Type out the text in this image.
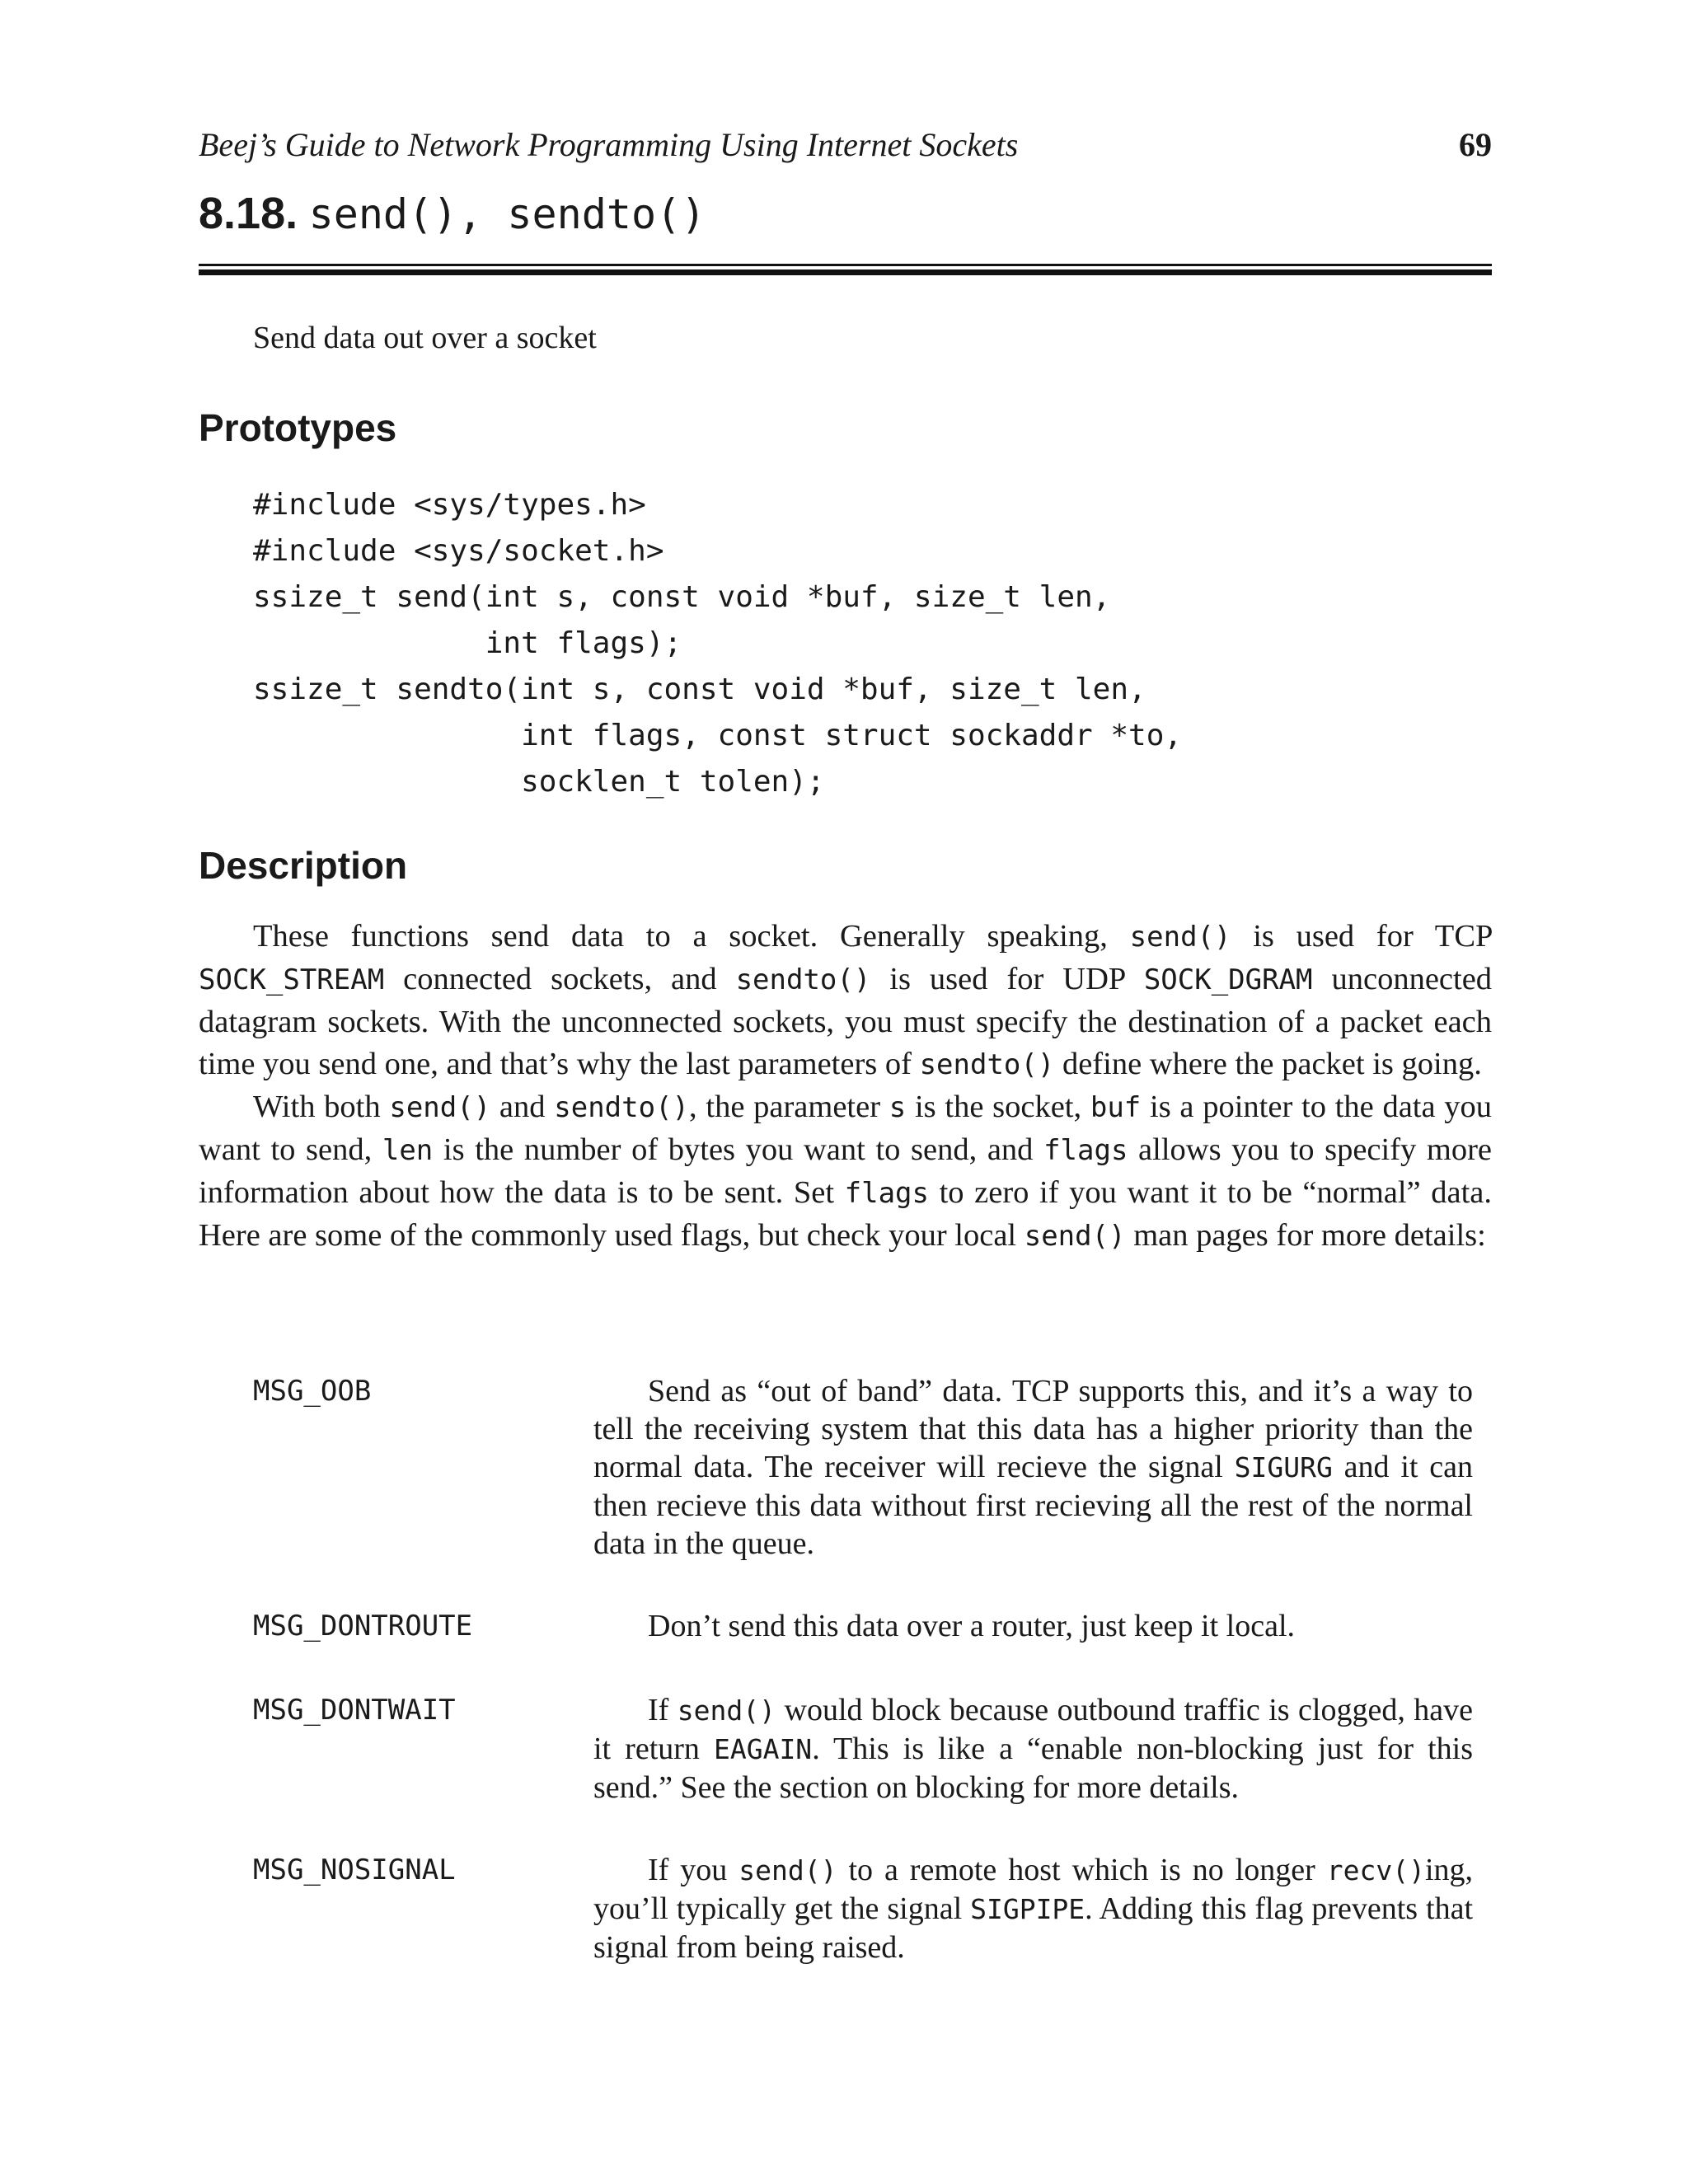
Beej’s Guide to Network Programming Using Internet Sockets	69
8.18. send(), sendto()
Send data out over a socket
Prototypes
#include <sys/types.h>
#include <sys/socket.h>
ssize_t send(int s, const void *buf, size_t len,
int flags);
ssize_t sendto(int s, const void *buf, size_t len,
int flags, const struct sockaddr *to,
socklen_t tolen);
Description

These functions send data to a socket. Generally speaking, send() is used for TCP SOCK_STREAM connected sockets, and sendto() is used for UDP SOCK_DGRAM unconnected datagram sockets. With the unconnected sockets, you must specify the destination of a packet each time you send one, and that’s why the last parameters of sendto() define where the packet is going.

With both send() and sendto(), the parameter s is the socket, buf is a pointer to the data you want to send, len is the number of bytes you want to send, and flags allows you to specify more information about how the data is to be sent. Set flags to zero if you want it to be “normal” data. Here are some of the commonly used flags, but check your local send() man pages for more details:

MSG_OOB	Send as “out of band” data. TCP supports this, and it’s a way to tell the receiving system that this data has a higher priority than the normal data. The receiver will recieve the signal SIGURG and it can then recieve this data without first recieving all the rest of the normal data in the queue.
MSG_DONTROUTE	Don’t send this data over a router, just keep it local.
MSG_DONTWAIT	If send() would block because outbound traffic is clogged, have it return EAGAIN. This is like a “enable non-blocking just for this send.” See the section on blocking for more details.
MSG_NOSIGNAL	If you send() to a remote host which is no longer recv()ing, you’ll typically get the signal SIGPIPE. Adding this flag prevents that signal from being raised.
